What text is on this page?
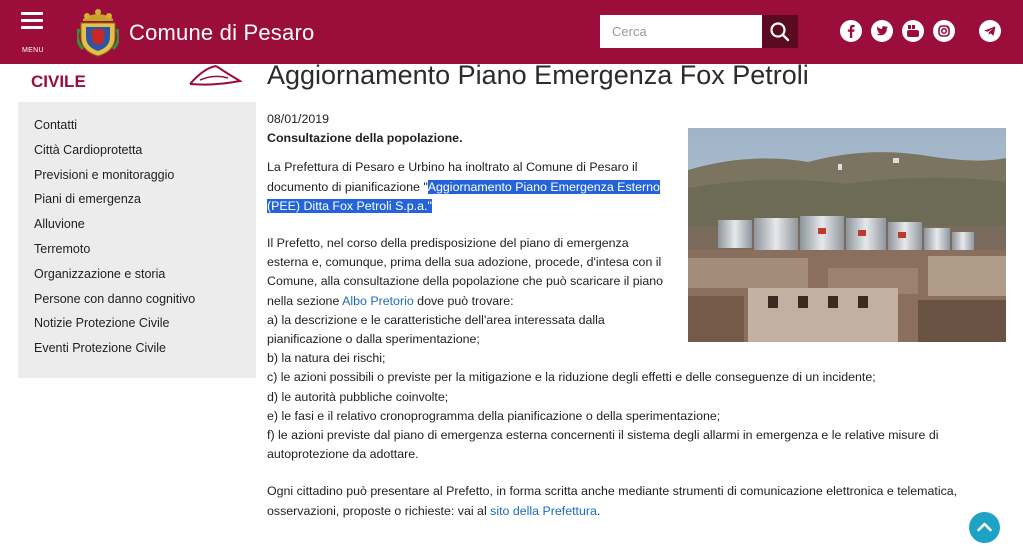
MENU
Comune di Pesaro
Cerca
CIVILE
Contatti
Città Cardioprotetta
Previsioni e monitoraggio
Piani di emergenza
Alluvione
Terremoto
Organizzazione e storia
Persone con danno cognitivo
Notizie Protezione Civile
Eventi Protezione Civile
Aggiornamento Piano Emergenza Fox Petroli

08/01/2019

Consultazione della popolazione.

La Prefettura di Pesaro e Urbino ha inoltrato al Comune di Pesaro il documento di pianificazione "Aggiornamento Piano Emergenza Esterno (PEE) Ditta Fox Petroli S.p.a."

Il Prefetto, nel corso della predisposizione del piano di emergenza esterna e, comunque, prima della sua adozione, procede, d'intesa con il Comune, alla consultazione della popolazione che può scaricare il piano nella sezione Albo Pretorio dove può trovare:

a) la descrizione e le caratteristiche dell'area interessata dalla pianificazione o dalla sperimentazione;

b) la natura dei rischi;

c) le azioni possibili o previste per la mitigazione e la riduzione degli effetti e delle conseguenze di un incidente;

d) le autorità pubbliche coinvolte;

e) le fasi e il relativo cronoprogramma della pianificazione o della sperimentazione;

f) le azioni previste dal piano di emergenza esterna concernenti il sistema degli allarmi in emergenza e le relative misure di autoprotezione da adottare.

Ogni cittadino può presentare al Prefetto, in forma scritta anche mediante strumenti di comunicazione elettronica e telematica, osservazioni, proposte o richieste: vai al sito della Prefettura.
